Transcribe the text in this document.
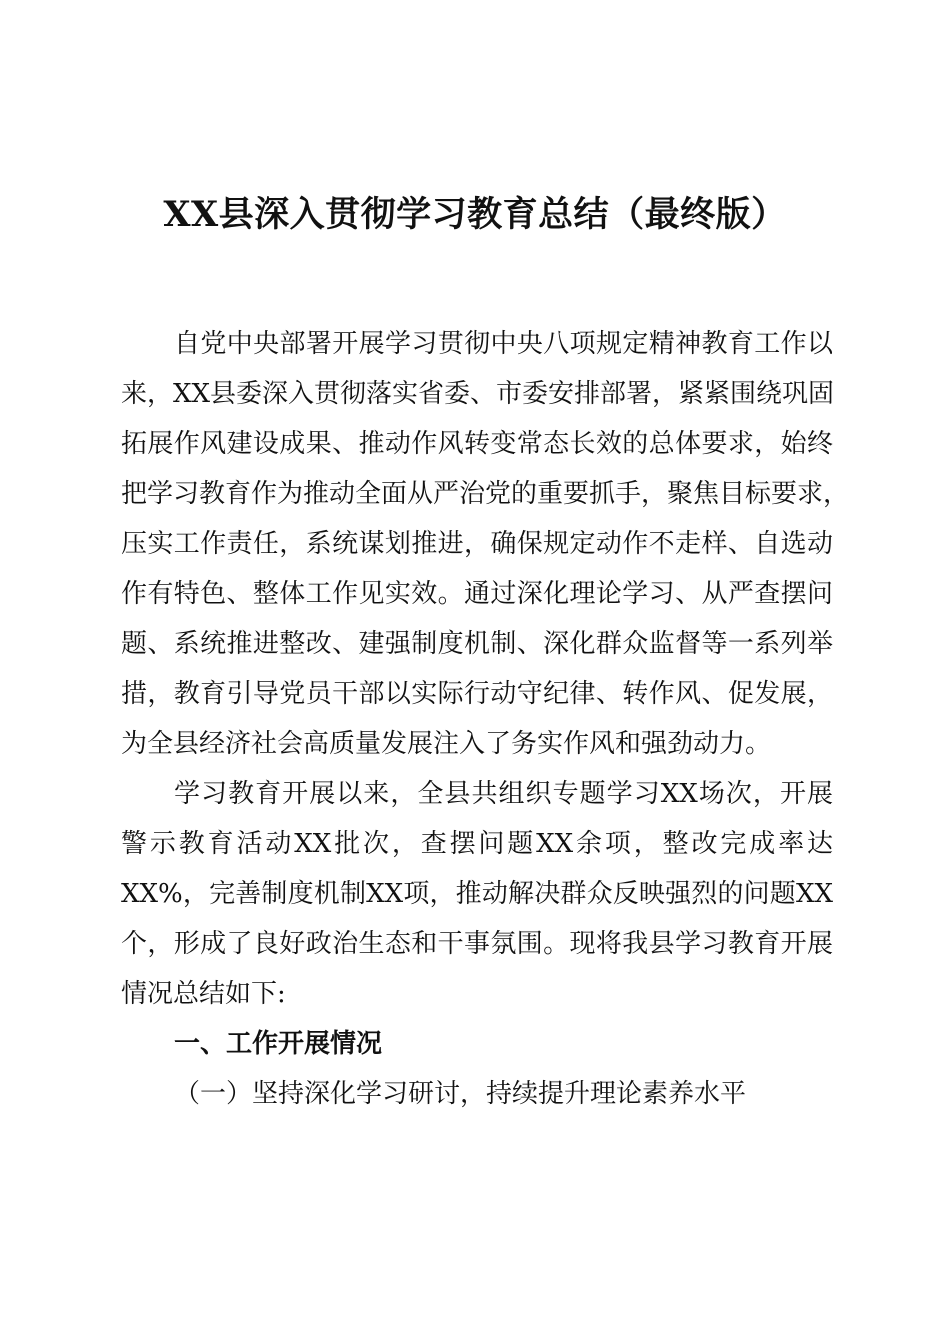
XX县深入贯彻学习教育总结（最终版）
自党中央部署开展学习贯彻中央八项规定精神教育工作以
来，XX县委深入贯彻落实省委、市委安排部署，紧紧围绕巩固
拓展作风建设成果、推动作风转变常态长效的总体要求，始终
把学习教育作为推动全面从严治党的重要抓手，聚焦目标要求，
压实工作责任，系统谋划推进，确保规定动作不走样、自选动
作有特色、整体工作见实效。通过深化理论学习、从严查摆问
题、系统推进整改、建强制度机制、深化群众监督等一系列举
措，教育引导党员干部以实际行动守纪律、转作风、促发展，
为全县经济社会高质量发展注入了务实作风和强劲动力。
学习教育开展以来，全县共组织专题学习XX场次，开展
警示教育活动XX批次，查摆问题XX余项，整改完成率达
XX%，完善制度机制XX项，推动解决群众反映强烈的问题XX
个，形成了良好政治生态和干事氛围。现将我县学习教育开展
情况总结如下:
一、工作开展情况
（一）坚持深化学习研讨，持续提升理论素养水平
